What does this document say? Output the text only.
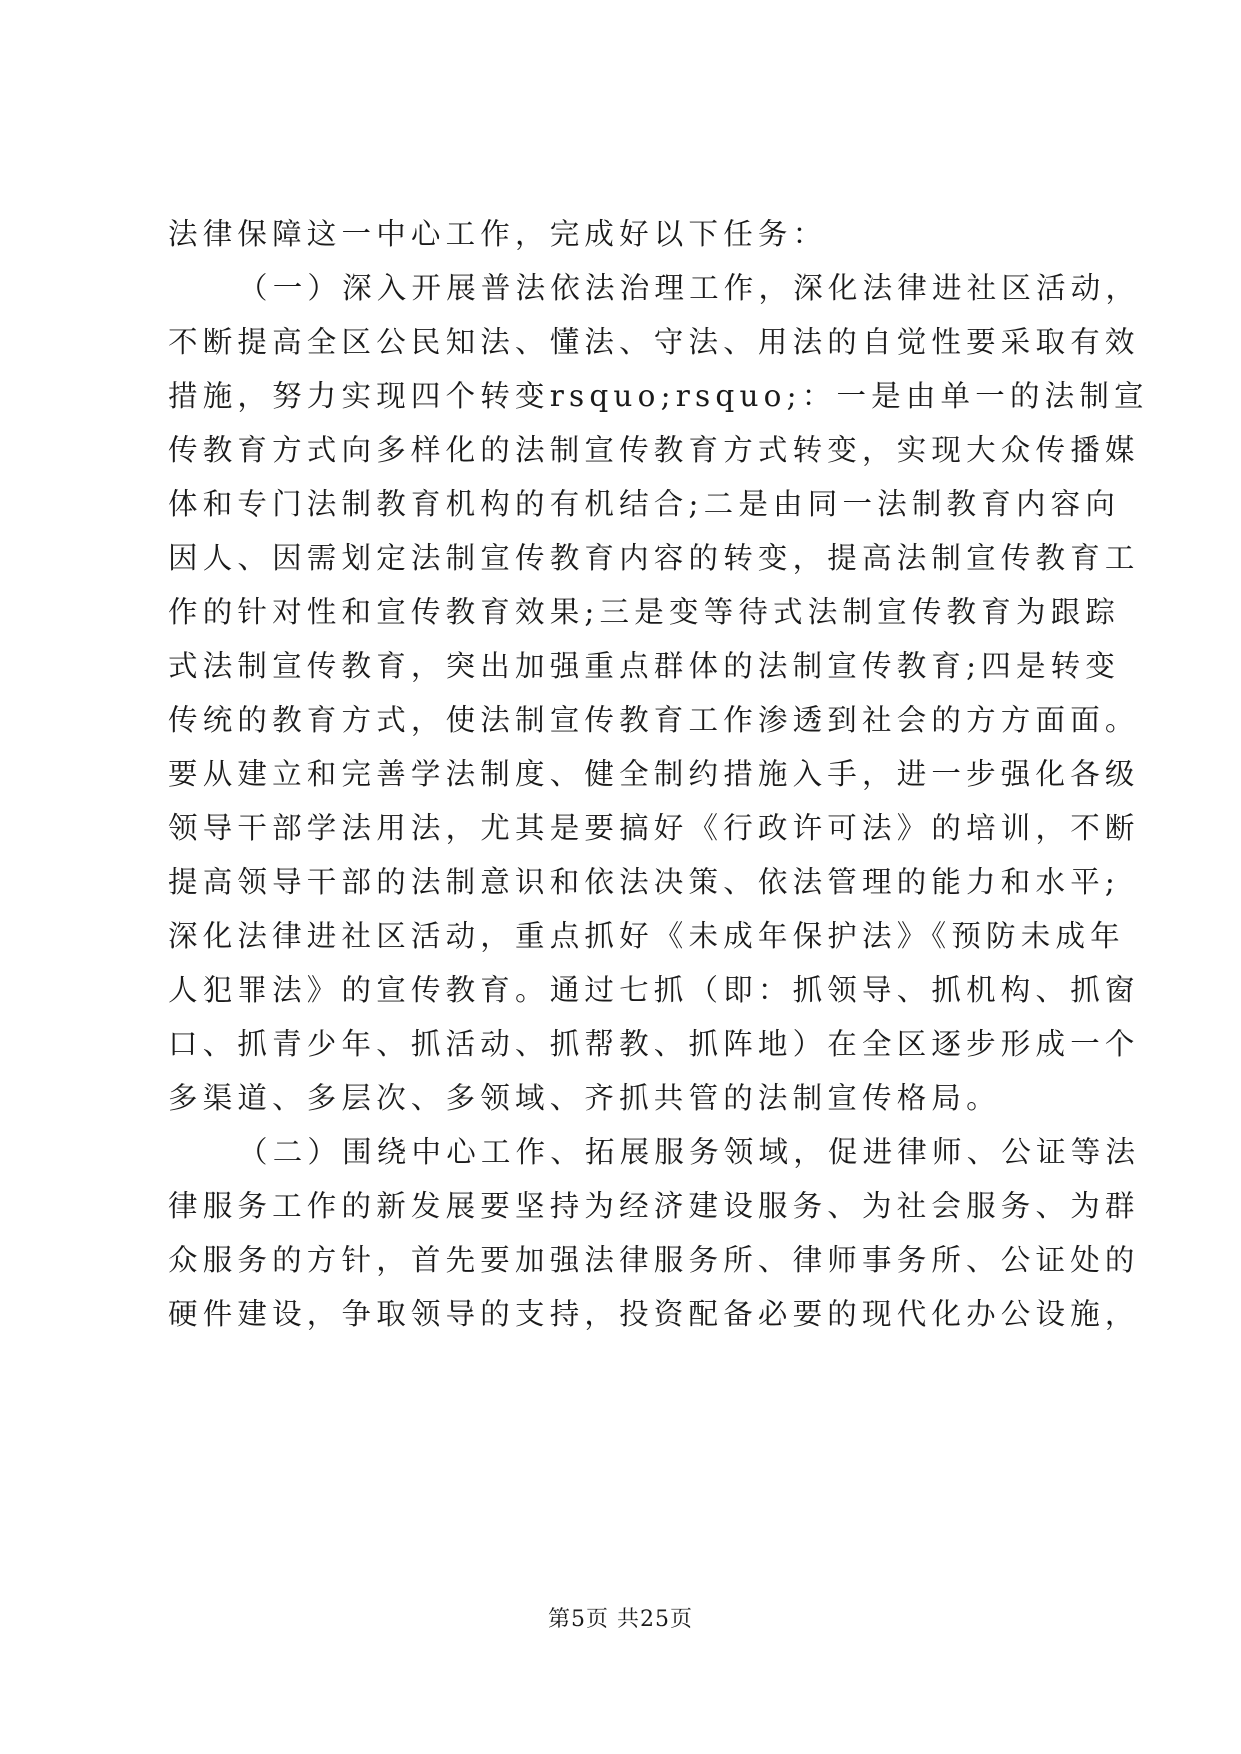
法律保障这一中心工作，完成好以下任务：
（一）深入开展普法依法治理工作，深化法律进社区活动，
不断提高全区公民知法、懂法、守法、用法的自觉性要采取有效
措施，努力实现四个转变rsquo;rsquo;：一是由单一的法制宣
传教育方式向多样化的法制宣传教育方式转变，实现大众传播媒
体和专门法制教育机构的有机结合;二是由同一法制教育内容向
因人、因需划定法制宣传教育内容的转变，提高法制宣传教育工
作的针对性和宣传教育效果;三是变等待式法制宣传教育为跟踪
式法制宣传教育，突出加强重点群体的法制宣传教育;四是转变
传统的教育方式，使法制宣传教育工作渗透到社会的方方面面。
要从建立和完善学法制度、健全制约措施入手，进一步强化各级
领导干部学法用法，尤其是要搞好《行政许可法》的培训，不断
提高领导干部的法制意识和依法决策、依法管理的能力和水平;
深化法律进社区活动，重点抓好《未成年保护法》《预防未成年
人犯罪法》的宣传教育。通过七抓（即：抓领导、抓机构、抓窗
口、抓青少年、抓活动、抓帮教、抓阵地）在全区逐步形成一个
多渠道、多层次、多领域、齐抓共管的法制宣传格局。
（二）围绕中心工作、拓展服务领域，促进律师、公证等法
律服务工作的新发展要坚持为经济建设服务、为社会服务、为群
众服务的方针，首先要加强法律服务所、律师事务所、公证处的
硬件建设，争取领导的支持，投资配备必要的现代化办公设施，
第5页 共25页
